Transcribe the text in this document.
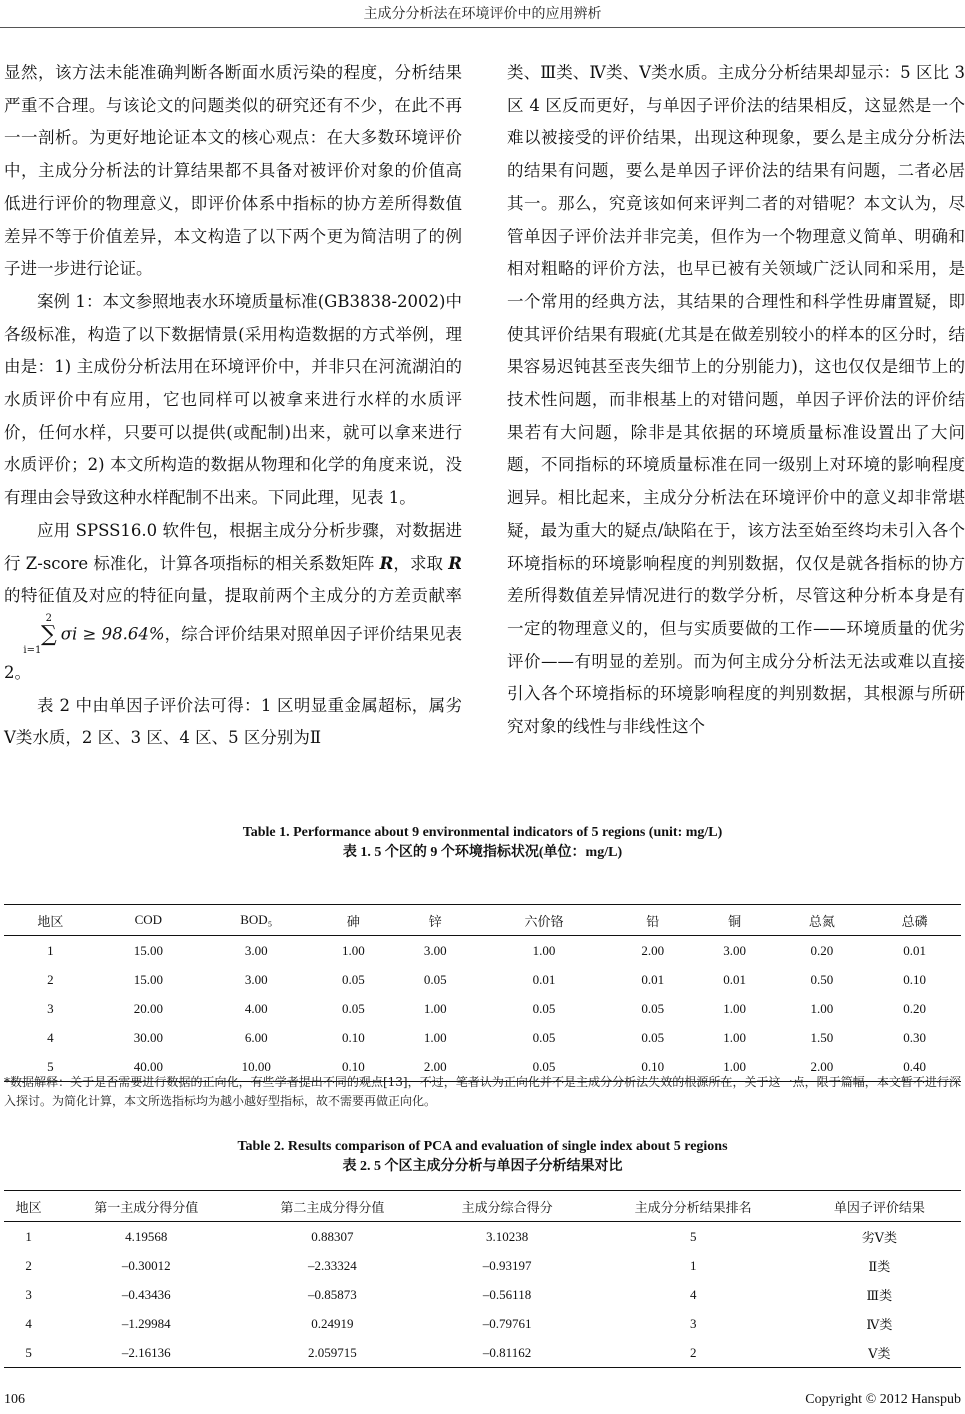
主成分分析法在环境评价中的应用辨析

显然，该方法未能准确判断各断面水质污染的程度，分析结果严重不合理。与该论文的问题类似的研究还有不少，在此不再一一剖析。为更好地论证本文的核心观点：在大多数环境评价中，主成分分析法的计算结果都不具备对被评价对象的价值高低进行评价的物理意义，即评价体系中指标的协方差所得数值差异不等于价值差异，本文构造了以下两个更为简洁明了的例子进一步进行论证。

案例 1：本文参照地表水环境质量标准(GB3838-2002)中各级标准，构造了以下数据情景(采用构造数据的方式举例，理由是：1) 主成份分析法用在环境评价中，并非只在河流湖泊的水质评价中有应用，它也同样可以被拿来进行水样的水质评价，任何水样，只要可以提供(或配制)出来，就可以拿来进行水质评价；2) 本文所构造的数据从物理和化学的角度来说，没有理由会导致这种水样配制不出来。下同此理，见表 1。

应用 SPSS16.0 软件包，根据主成分分析步骤，对数据进行 Z-score 标准化，计算各项指标的相关系数矩阵 R，求取 R 的特征值及对应的特征向量，提取前两个主成分的方差贡献率2
∑
i=1σi ≥ 98.64%，综合评价结果对照单因子评价结果见表 2。

表 2 中由单因子评价法可得：1 区明显重金属超标，属劣Ⅴ类水质，2 区、3 区、4 区、5 区分别为Ⅱ

类、Ⅲ类、Ⅳ类、Ⅴ类水质。主成分分析结果却显示：5 区比 3 区 4 区反而更好，与单因子评价法的结果相反，这显然是一个难以被接受的评价结果，出现这种现象，要么是主成分分析法的结果有问题，要么是单因子评价法的结果有问题，二者必居其一。那么，究竟该如何来评判二者的对错呢？本文认为，尽管单因子评价法并非完美，但作为一个物理意义简单、明确和相对粗略的评价方法，也早已被有关领域广泛认同和采用，是一个常用的经典方法，其结果的合理性和科学性毋庸置疑，即使其评价结果有瑕疵(尤其是在做差别较小的样本的区分时，结果容易迟钝甚至丧失细节上的分别能力)，这也仅仅是细节上的技术性问题，而非根基上的对错问题，单因子评价法的评价结果若有大问题，除非是其依据的环境质量标准设置出了大问题，不同指标的环境质量标准在同一级别上对环境的影响程度迥异。相比起来，主成分分析法在环境评价中的意义却非常堪疑，最为重大的疑点/缺陷在于，该方法至始至终均未引入各个环境指标的环境影响程度的判别数据，仅仅是就各指标的协方差所得数值差异情况进行的数学分析，尽管这种分析本身是有一定的物理意义的，但与实质要做的工作——环境质量的优劣评价——有明显的差别。而为何主成分分析法无法或难以直接引入各个环境指标的环境影响程度的判别数据，其根源与所研究对象的线性与非线性这个

Table 1. Performance about 9 environmental indicators of 5 regions (unit: mg/L)
表 1. 5 个区的 9 个环境指标状况(单位：mg/L)
地区	COD	BOD₅	砷	锌	六价铬	铅	铜	总氮	总磷
1	15.00	3.00	1.00	3.00	1.00	2.00	3.00	0.20	0.01
2	15.00	3.00	0.05	0.05	0.01	0.01	0.01	0.50	0.10
3	20.00	4.00	0.05	1.00	0.05	0.05	1.00	1.00	0.20
4	30.00	6.00	0.10	1.00	0.05	0.05	1.00	1.50	0.30
5	40.00	10.00	0.10	2.00	0.05	0.10	1.00	2.00	0.40
*数据解释：关于是否需要进行数据的正向化，有些学者提出不同的观点[13]，不过，笔者认为正向化并不是主成分分析法失效的根源所在，关于这一点，限于篇幅，本文暂不进行深入探讨。为简化计算，本文所选指标均为越小越好型指标，故不需要再做正向化。
Table 2. Results comparison of PCA and evaluation of single index about 5 regions
表 2. 5 个区主成分分析与单因子分析结果对比
地区	第一主成分得分值	第二主成分得分值	主成分综合得分	主成分分析结果排名	单因子评价结果
1	4.19568	0.88307	3.10238	5	劣Ⅴ类
2	–0.30012	–2.33324	–0.93197	1	Ⅱ类
3	–0.43436	–0.85873	–0.56118	4	Ⅲ类
4	–1.29984	0.24919	–0.79761	3	Ⅳ类
5	–2.16136	2.059715	–0.81162	2	Ⅴ类
106	Copyright © 2012 Hanspub
